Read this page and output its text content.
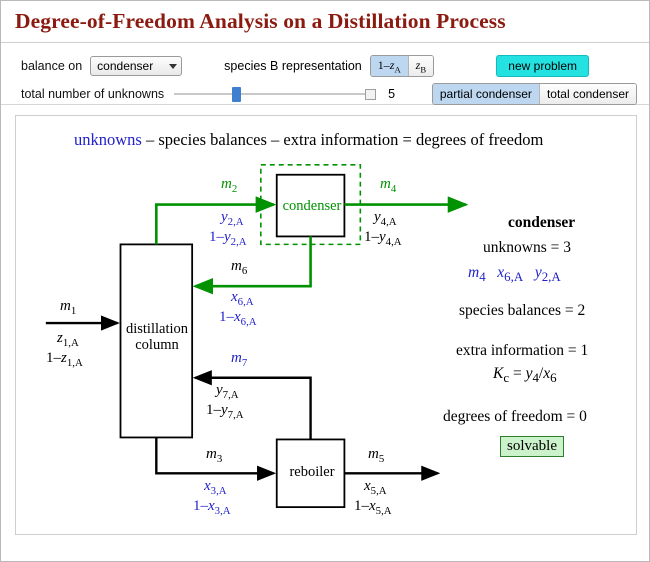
Degree-of-Freedom Analysis on a Distillation Process
balance on condenser	species B representation $1-z_A$ $z_B$	new problem
total number of unknowns	5	partial condenser	total condenser
unknowns – species balances – extra information = degrees of freedom
condenser
distillation
column
reboiler
$m_2$
$y_{2,A}$
$1-y_{2,A}$
$m_4$
$y_{4,A}$
$1-y_{4,A}$
$m_6$
$x_{6,A}$
$1-x_{6,A}$
$m_1$
$z_{1,A}$
$1-z_{1,A}$	$m_7$
$y_{7,A}$
$1-y_{7,A}$
$m_3$
$x_{3,A}$
$1-x_{3,A}$
$m_5$
$x_{5,A}$
$1-x_{5,A}$
condenser
unknowns = 3
$m_4$ $x_{6,A}$ $y_{2,A}$
species balances = 2
extra information = 1
$K_c = y_4/x_6$
degrees of freedom = 0
solvable
